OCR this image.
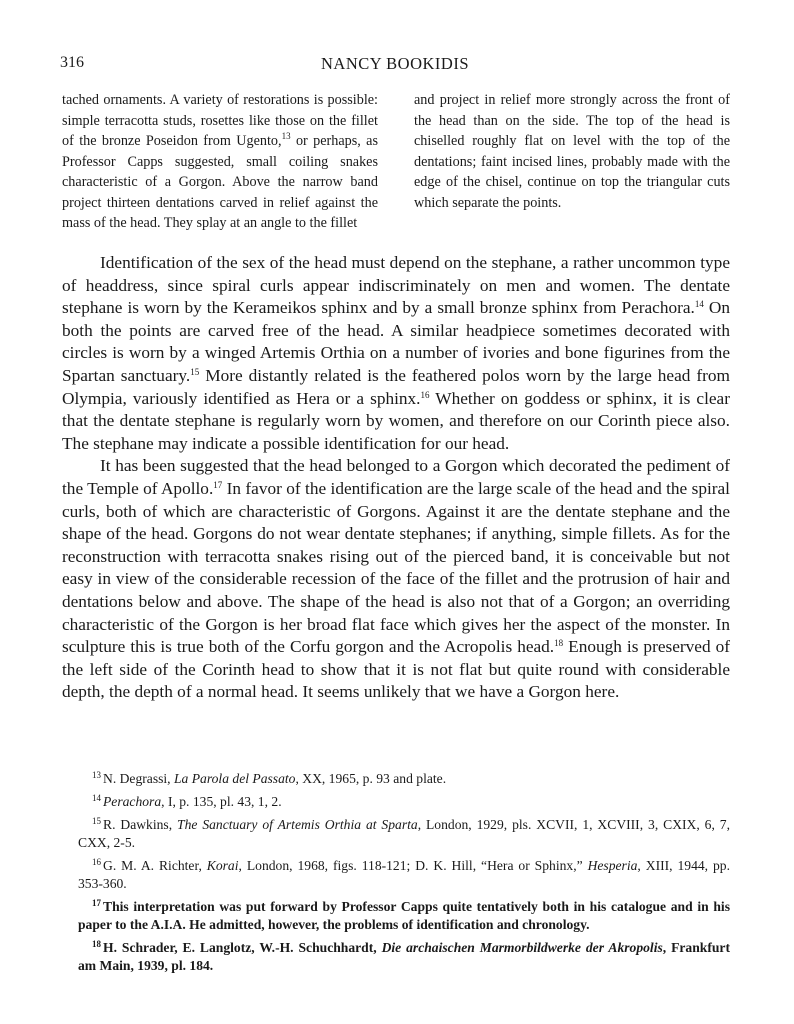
316	NANCY BOOKIDIS
tached ornaments. A variety of restorations is possible: simple terracotta studs, rosettes like those on the fillet of the bronze Poseidon from Ugento,$^{13}$ or perhaps, as Professor Capps suggested, small coiling snakes characteristic of a Gorgon. Above the narrow band project thirteen dentations carved in relief against the mass of the head. They splay at an angle to the fillet
and project in relief more strongly across the front of the head than on the side. The top of the head is chiselled roughly flat on level with the top of the dentations; faint incised lines, probably made with the edge of the chisel, continue on top the triangular cuts which separate the points.

Identification of the sex of the head must depend on the stephane, a rather uncommon type of headdress, since spiral curls appear indiscriminately on men and women. The dentate stephane is worn by the Kerameikos sphinx and by a small bronze sphinx from Perachora.$^{14}$ On both the points are carved free of the head. A similar headpiece sometimes decorated with circles is worn by a winged Artemis Orthia on a number of ivories and bone figurines from the Spartan sanctuary.$^{15}$ More distantly related is the feathered polos worn by the large head from Olympia, variously identified as Hera or a sphinx.$^{16}$ Whether on goddess or sphinx, it is clear that the dentate stephane is regularly worn by women, and therefore on our Corinth piece also. The stephane may indicate a possible identification for our head.

It has been suggested that the head belonged to a Gorgon which decorated the pediment of the Temple of Apollo.$^{17}$ In favor of the identification are the large scale of the head and the spiral curls, both of which are characteristic of Gorgons. Against it are the dentate stephane and the shape of the head. Gorgons do not wear dentate stephanes; if anything, simple fillets. As for the reconstruction with terracotta snakes rising out of the pierced band, it is conceivable but not easy in view of the considerable recession of the face of the fillet and the protrusion of hair and dentations below and above. The shape of the head is also not that of a Gorgon; an overriding characteristic of the Gorgon is her broad flat face which gives her the aspect of the monster. In sculpture this is true both of the Corfu gorgon and the Acropolis head.$^{18}$ Enough is preserved of the left side of the Corinth head to show that it is not flat but quite round with considerable depth, the depth of a normal head. It seems unlikely that we have a Gorgon here.

$^{13}$ N. Degrassi, La Parola del Passato, XX, 1965, p. 93 and plate.

$^{14}$ Perachora, I, p. 135, pl. 43, 1, 2.

$^{15}$ R. Dawkins, The Sanctuary of Artemis Orthia at Sparta, London, 1929, pls. XCVII, 1, XCVIII, 3, CXIX, 6, 7, CXX, 2-5.

$^{16}$ G. M. A. Richter, Korai, London, 1968, figs. 118-121; D. K. Hill, “Hera or Sphinx,” Hesperia, XIII, 1944, pp. 353-360.

$^{17}$ This interpretation was put forward by Professor Capps quite tentatively both in his catalogue and in his paper to the A.I.A. He admitted, however, the problems of identification and chronology.

$^{18}$ H. Schrader, E. Langlotz, W.-H. Schuchhardt, Die archaischen Marmorbildwerke der Akropolis, Frankfurt am Main, 1939, pl. 184.
